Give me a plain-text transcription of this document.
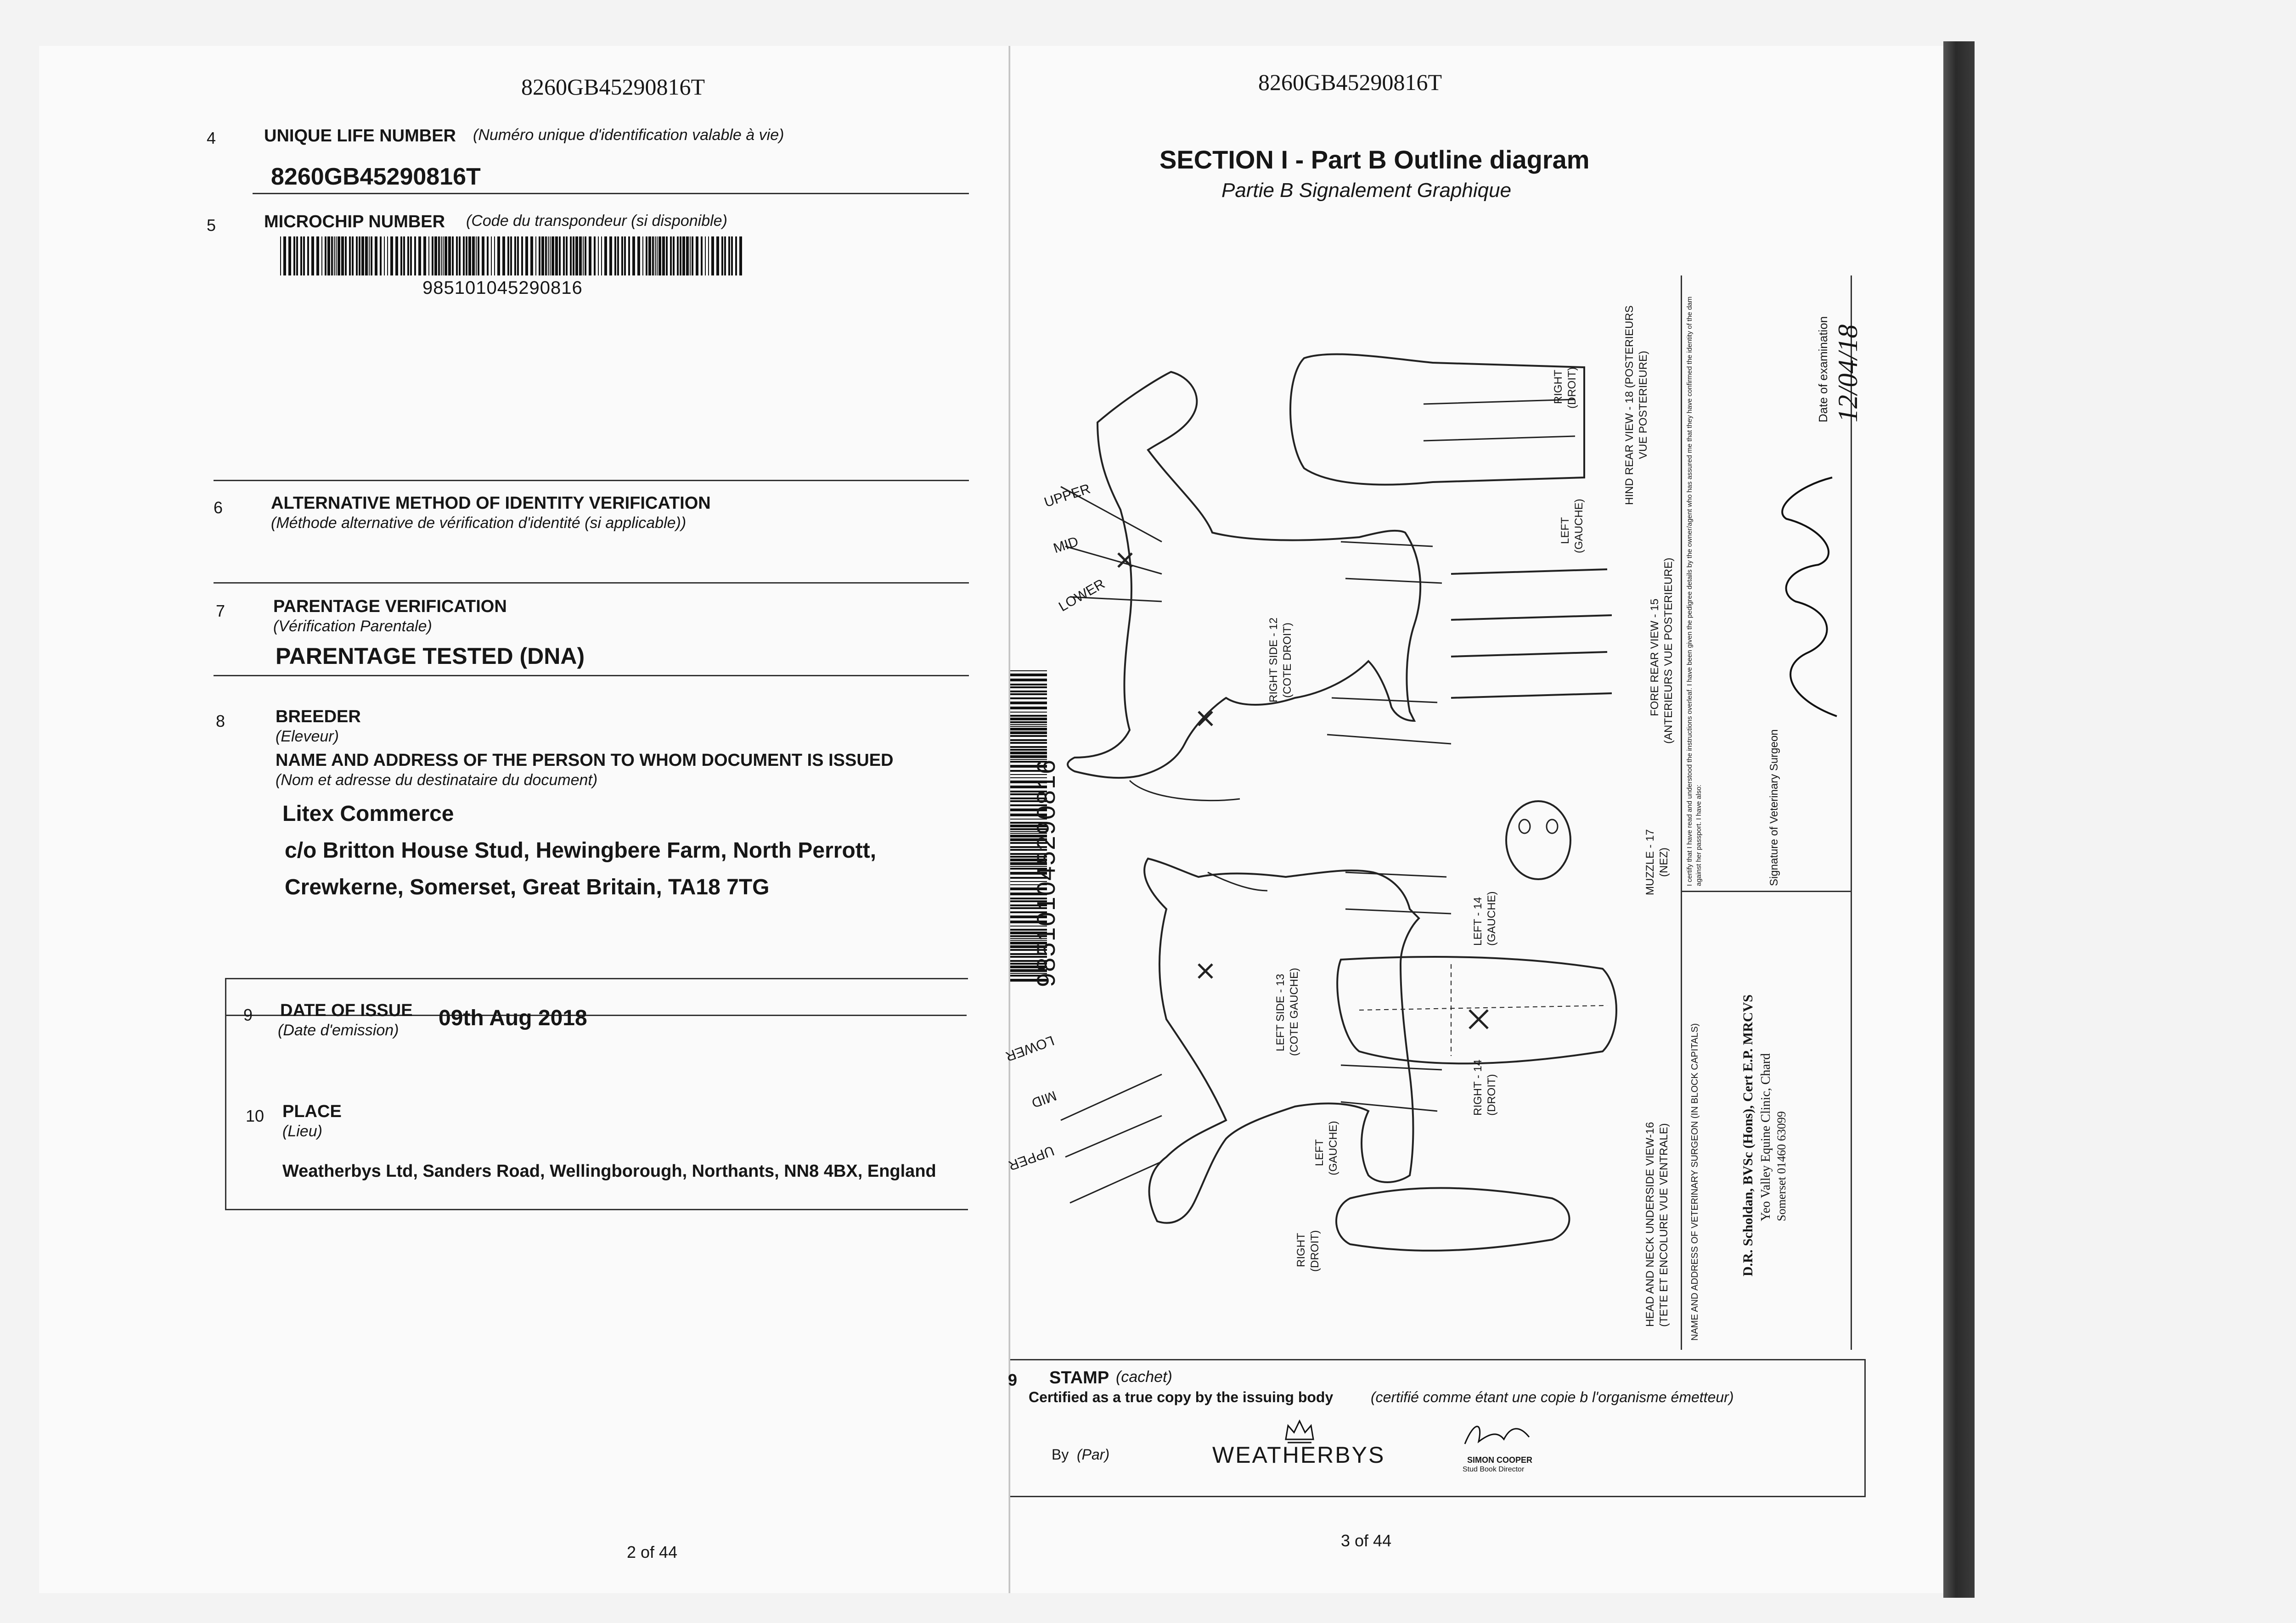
8260GB45290816T
4	UNIQUE LIFE NUMBER (Numéro unique d'identification valable à vie)
8260GB45290816T
5	MICROCHIP NUMBER (Code du transpondeur (si disponible)
985101045290816
6	ALTERNATIVE METHOD OF IDENTITY VERIFICATION
(Méthode alternative de vérification d'identité (si applicable))
7	PARENTAGE VERIFICATION
(Vérification Parentale)
PARENTAGE TESTED (DNA)
8	BREEDER
(Eleveur)
NAME AND ADDRESS OF THE PERSON TO WHOM DOCUMENT IS ISSUED
(Nom et adresse du destinataire du document)
Litex Commerce
c/o Britton House Stud, Hewingbere Farm, North Perrott,
Crewkerne, Somerset, Great Britain, TA18 7TG
9 DATE OF ISSUE
(Date d'emission) 09th Aug 2018
10 PLACE
(Lieu)
Weatherbys Ltd, Sanders Road, Wellingborough, Northants, NN8 4BX, England
2 of 44
8260GB45290816T
SECTION I - Part B Outline diagram
Partie B Signalement Graphique
985101045290816
UPPER
MID
LOWER
LOWER
MID
UPPER
RIGHT SIDE - 12 (COTE DROIT)
LEFT SIDE - 13 (COTE GAUCHE)
LEFT - 14 (GAUCHE)
RIGHT - 14 (DROIT)
FORE REAR VIEW - 15 (ANTERIEURS VUE POSTERIEURE)
HIND REAR VIEW - 18 (POSTERIEURS VUE POSTERIEURE)
MUZZLE - 17 (NEZ)
HEAD AND NECK UNDERSIDE VIEW-16 (TETE ET ENCOLURE VUE VENTRALE)
RIGHT (DROIT)
LEFT (GAUCHE)
RIGHT (DROIT)
LEFT (GAUCHE)	I certify that I have read and understood the instructions overleaf. I have been given the pedigree details by the owner/agent who has assured me that they have confirmed the identity of the dam against her passport. I have also:	Signature of Veterinary Surgeon
Date of examination 12/04/18
NAME AND ADDRESS OF VETERINARY SURGEON (IN BLOCK CAPITALS)	D.R. Scholdan, BVSc (Hons), Cert E.P. MRCVS Yeo Valley Equine Clinic, Chard Somerset 01460 63099
9 STAMP (cachet)
Certified as a true copy by the issuing body	(certifié comme étant une copie b l'organisme émetteur)
By (Par)	WEATHERBYS	SIMON COOPER
Stud Book Director
3 of 44
